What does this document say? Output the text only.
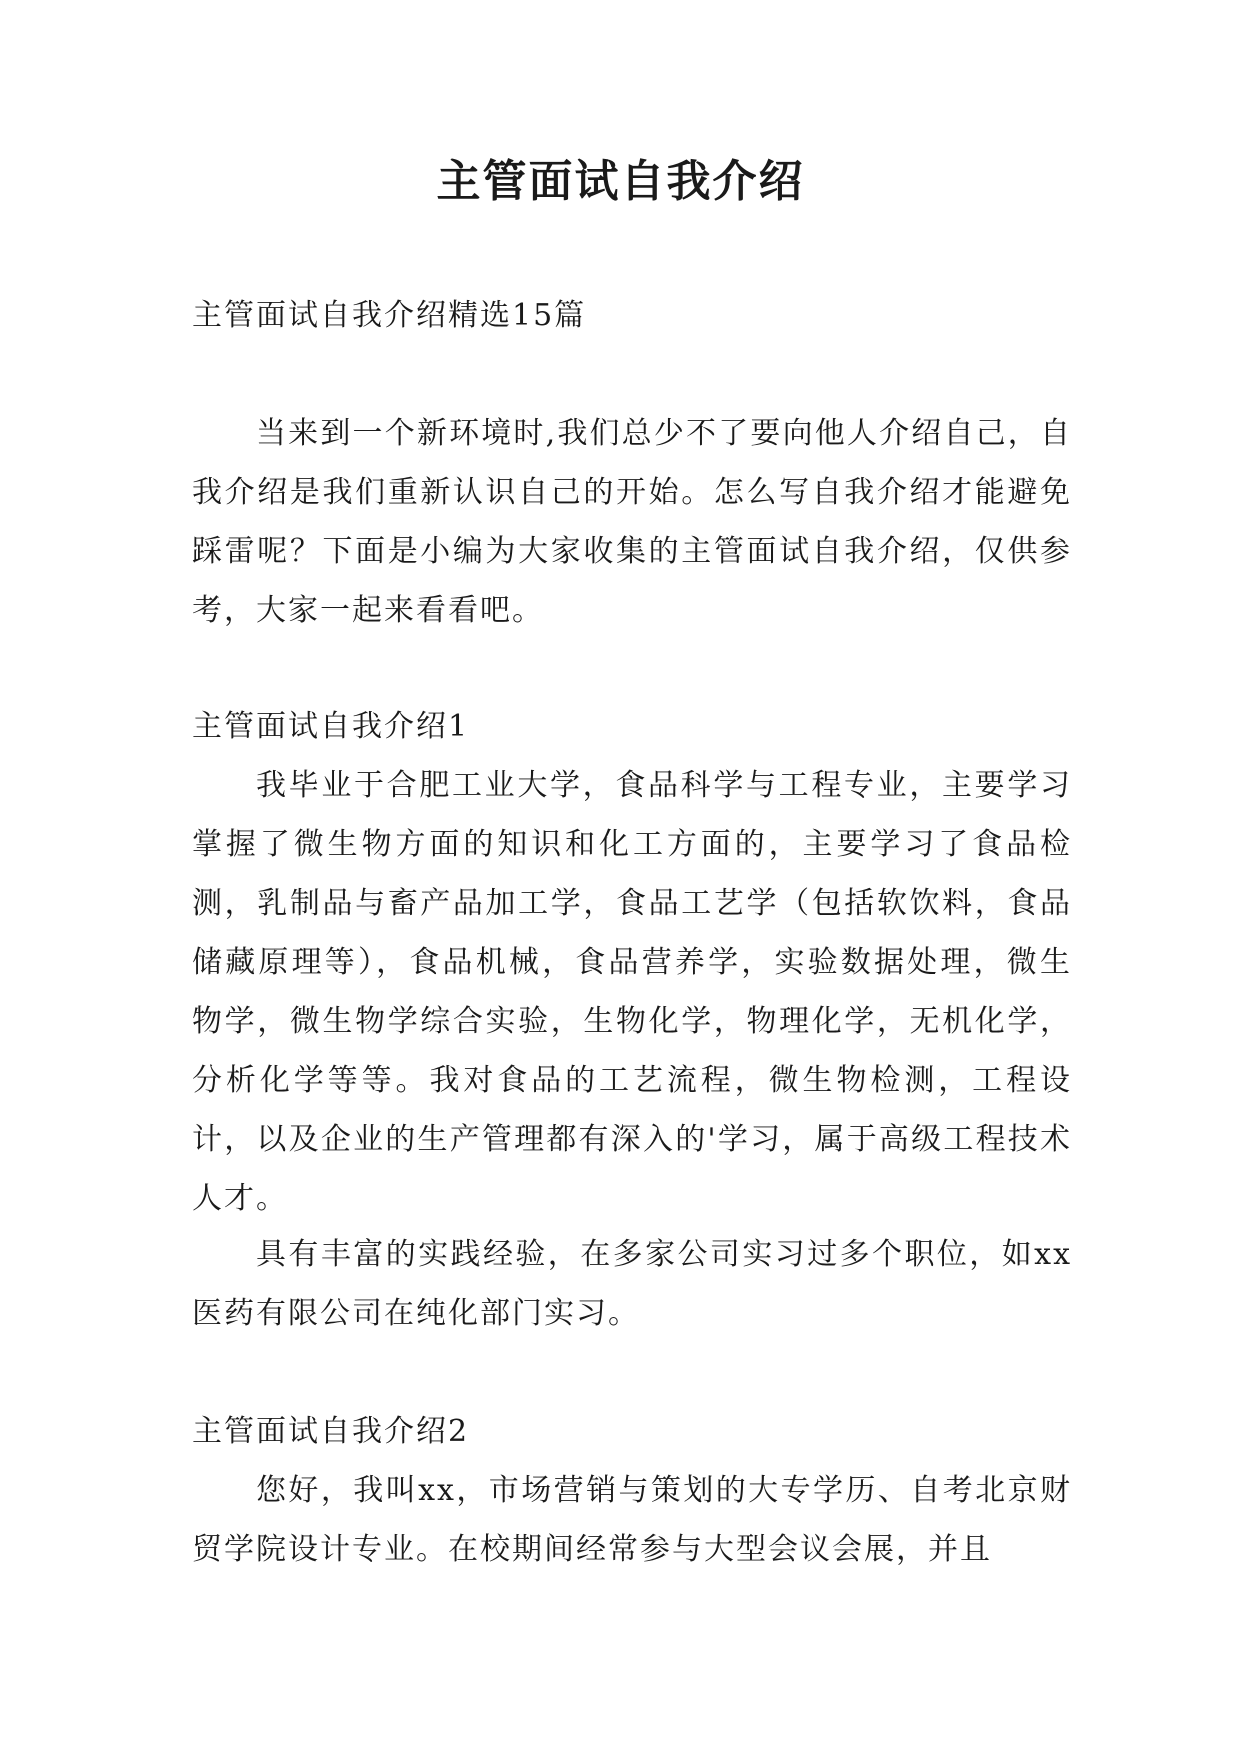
主管面试自我介绍

主管面试自我介绍精选15篇

当来到一个新环境时,我们总少不了要向他人介绍自己，自我介绍是我们重新认识自己的开始。怎么写自我介绍才能避免踩雷呢？下面是小编为大家收集的主管面试自我介绍，仅供参考，大家一起来看看吧。

主管面试自我介绍1

我毕业于合肥工业大学，食品科学与工程专业，主要学习掌握了微生物方面的知识和化工方面的，主要学习了食品检测，乳制品与畜产品加工学，食品工艺学（包括软饮料，食品储藏原理等），食品机械，食品营养学，实验数据处理，微生物学，微生物学综合实验，生物化学，物理化学，无机化学，分析化学等等。我对食品的工艺流程，微生物检测，工程设计，以及企业的生产管理都有深入的'学习，属于高级工程技术人才。

具有丰富的实践经验，在多家公司实习过多个职位，如xx医药有限公司在纯化部门实习。

主管面试自我介绍2

您好，我叫xx，市场营销与策划的大专学历、自考北京财贸学院设计专业。在校期间经常参与大型会议会展，并且
